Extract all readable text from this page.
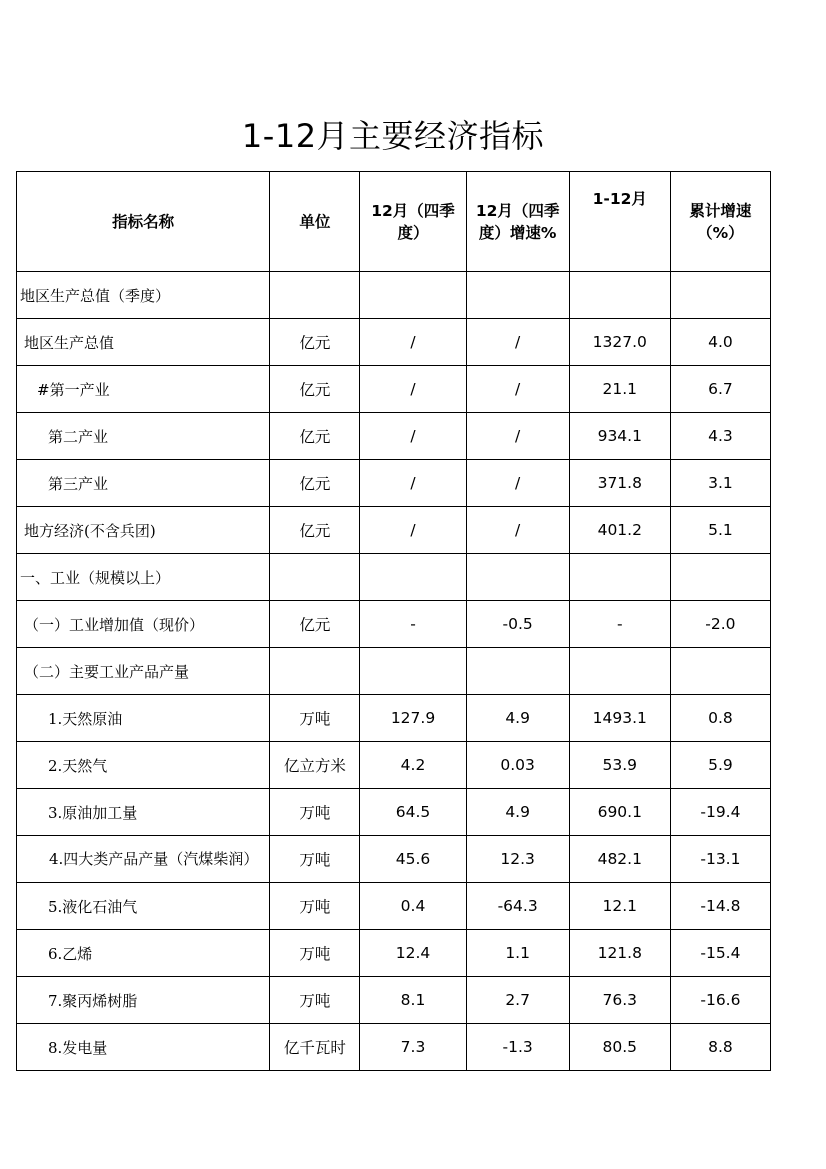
1-12月主要经济指标
指标名称	单位	12月（四季度）	12月（四季度）增速%	1-12月	累计增速（%）
地区生产总值（季度）					
地区生产总值	亿元	/	/	1327.0	4.0
#第一产业	亿元	/	/	21.1	6.7
第二产业	亿元	/	/	934.1	4.3
第三产业	亿元	/	/	371.8	3.1
地方经济(不含兵团)	亿元	/	/	401.2	5.1
一、工业（规模以上）					
（一）工业增加值（现价）	亿元	-	-0.5	-	-2.0
（二）主要工业产品产量					
1.天然原油	万吨	127.9	4.9	1493.1	0.8
2.天然气	亿立方米	4.2	0.03	53.9	5.9
3.原油加工量	万吨	64.5	4.9	690.1	-19.4
4.四大类产品产量（汽煤柴润）	万吨	45.6	12.3	482.1	-13.1
5.液化石油气	万吨	0.4	-64.3	12.1	-14.8
6.乙烯	万吨	12.4	1.1	121.8	-15.4
7.聚丙烯树脂	万吨	8.1	2.7	76.3	-16.6
8.发电量	亿千瓦时	7.3	-1.3	80.5	8.8
